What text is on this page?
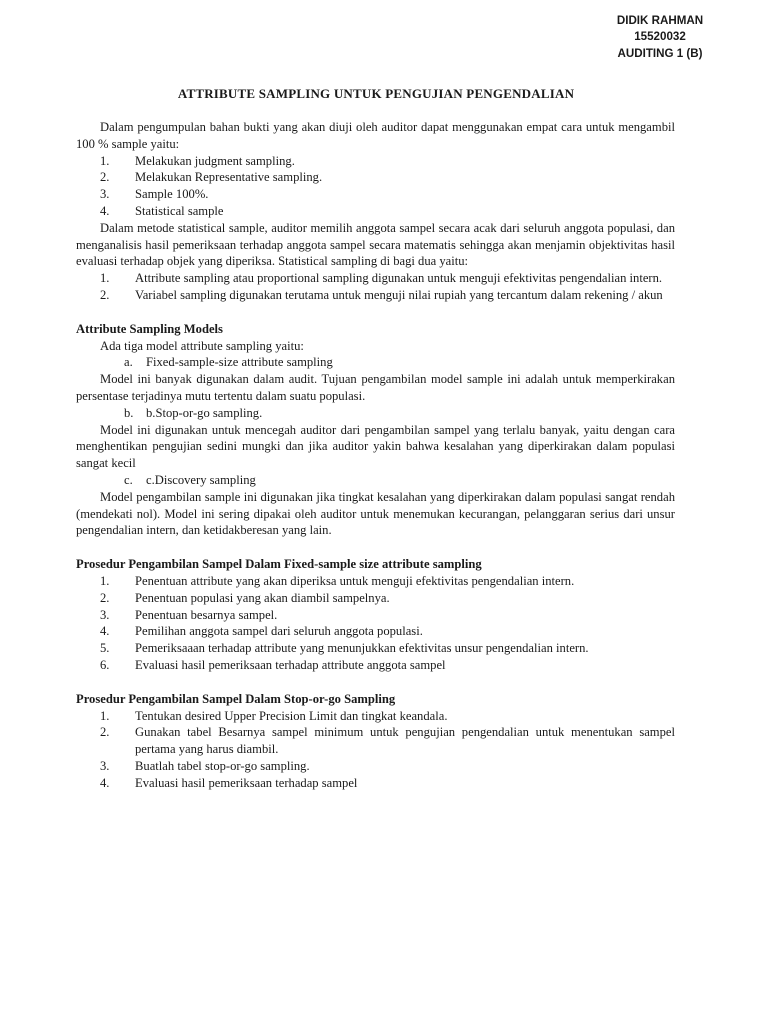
DIDIK RAHMAN
15520032
AUDITING 1 (B)
ATTRIBUTE SAMPLING UNTUK PENGUJIAN PENGENDALIAN

Dalam pengumpulan bahan bukti yang akan diuji oleh auditor dapat menggunakan empat cara untuk mengambil 100 % sample yaitu:

1.	Melakukan judgment sampling.
2.	Melakukan Representative sampling.
3.	Sample 100%.
4.	Statistical sample

Dalam metode statistical sample, auditor memilih anggota sampel secara acak dari seluruh anggota populasi, dan menganalisis hasil pemeriksaan terhadap anggota sampel secara matematis sehingga akan menjamin objektivitas hasil evaluasi terhadap objek yang diperiksa. Statistical sampling di bagi dua yaitu:

1.	Attribute sampling atau proportional sampling digunakan untuk menguji efektivitas pengendalian intern.
2.	Variabel sampling digunakan terutama untuk menguji nilai rupiah yang tercantum dalam rekening / akun

Attribute Sampling Models

Ada tiga model attribute sampling yaitu:

a.	Fixed-sample-size attribute sampling

Model ini banyak digunakan dalam audit. Tujuan pengambilan model sample ini adalah untuk memperkirakan persentase terjadinya mutu tertentu dalam suatu populasi.

b. b.Stop-or-go sampling.

Model ini digunakan untuk mencegah auditor dari pengambilan sampel yang terlalu banyak, yaitu dengan cara menghentikan pengujian sedini mungki dan jika auditor yakin bahwa kesalahan yang diperkirakan dalam populasi sangat kecil

c.	c.Discovery sampling

Model pengambilan sample ini digunakan jika tingkat kesalahan yang diperkirakan dalam populasi sangat rendah (mendekati nol). Model ini sering dipakai oleh auditor untuk menemukan kecurangan, pelanggaran serius dari unsur pengendalian intern, dan ketidakberesan yang lain.

Prosedur Pengambilan Sampel Dalam Fixed-sample size attribute sampling

1.	Penentuan attribute yang akan diperiksa untuk menguji efektivitas pengendalian intern.
2.	Penentuan populasi yang akan diambil sampelnya.
3.	Penentuan besarnya sampel.
4.	Pemilihan anggota sampel dari seluruh anggota populasi.
5.	Pemeriksaaan terhadap attribute yang menunjukkan efektivitas unsur pengendalian intern.
6.	Evaluasi hasil pemeriksaan terhadap attribute anggota sampel

Prosedur Pengambilan Sampel Dalam Stop-or-go Sampling

1.	Tentukan desired Upper Precision Limit dan tingkat keandala.
2.	Gunakan tabel Besarnya sampel minimum untuk pengujian pengendalian untuk menentukan sampel pertama yang harus diambil.
3.	Buatlah tabel stop-or-go sampling.
4.	Evaluasi hasil pemeriksaan terhadap sampel
